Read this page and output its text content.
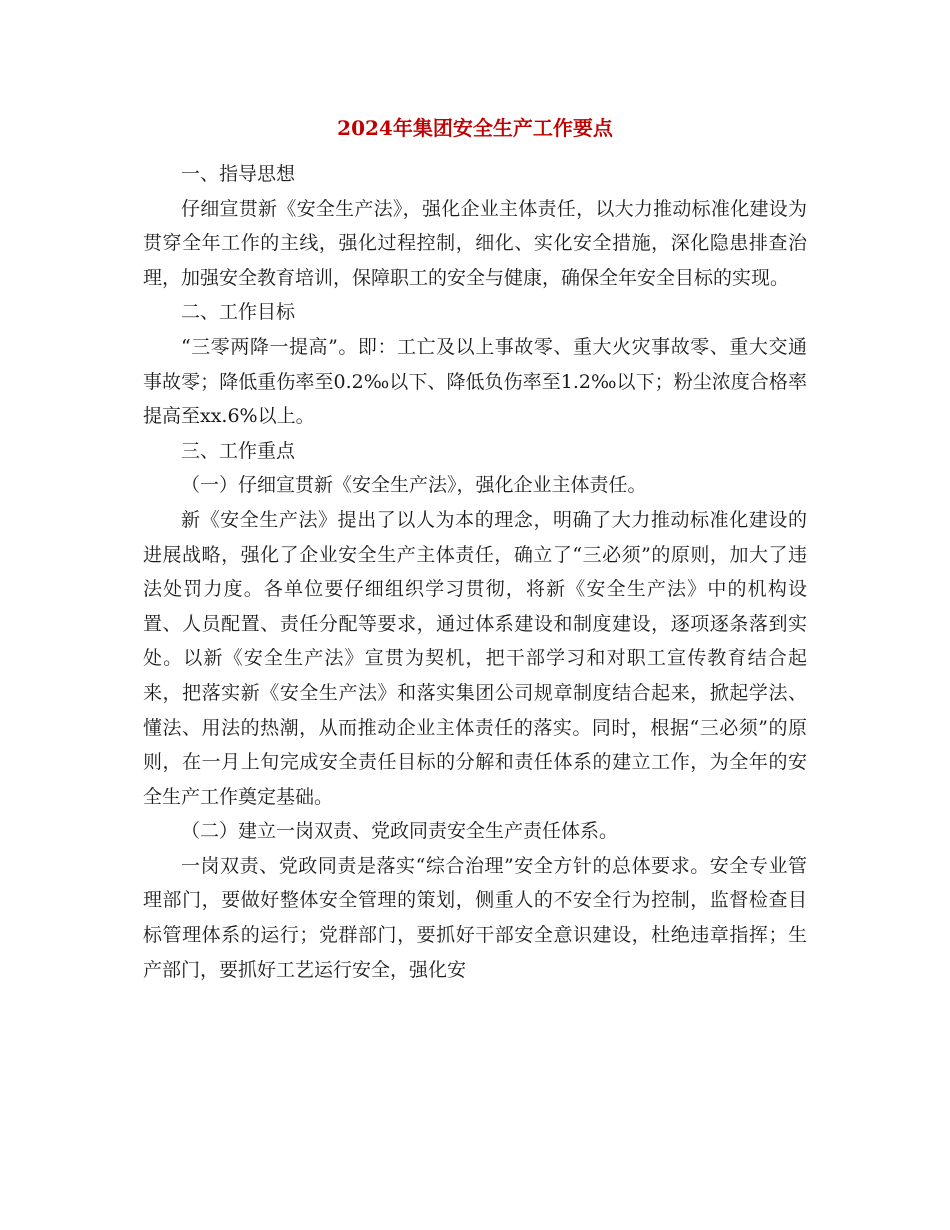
2024年集团安全生产工作要点

一、指导思想

仔细宣贯新《安全生产法》，强化企业主体责任，以大力推动标准化建设为贯穿全年工作的主线，强化过程控制，细化、实化安全措施，深化隐患排查治理，加强安全教育培训，保障职工的安全与健康，确保全年安全目标的实现。

二、工作目标

“三零两降一提高”。即：工亡及以上事故零、重大火灾事故零、重大交通事故零；降低重伤率至0.2‰以下、降低负伤率至1.2‰以下；粉尘浓度合格率提高至xx.6%以上。

三、工作重点

（一）仔细宣贯新《安全生产法》，强化企业主体责任。

新《安全生产法》提出了以人为本的理念，明确了大力推动标准化建设的进展战略，强化了企业安全生产主体责任，确立了“三必须”的原则，加大了违法处罚力度。各单位要仔细组织学习贯彻，将新《安全生产法》中的机构设置、人员配置、责任分配等要求，通过体系建设和制度建设，逐项逐条落到实处。以新《安全生产法》宣贯为契机，把干部学习和对职工宣传教育结合起来，把落实新《安全生产法》和落实集团公司规章制度结合起来，掀起学法、懂法、用法的热潮，从而推动企业主体责任的落实。同时，根据“三必须”的原则，在一月上旬完成安全责任目标的分解和责任体系的建立工作，为全年的安全生产工作奠定基础。

（二）建立一岗双责、党政同责安全生产责任体系。

一岗双责、党政同责是落实“综合治理”安全方针的总体要求。安全专业管理部门，要做好整体安全管理的策划，侧重人的不安全行为控制，监督检查目标管理体系的运行；党群部门，要抓好干部安全意识建设，杜绝违章指挥；生产部门，要抓好工艺运行安全，强化安
